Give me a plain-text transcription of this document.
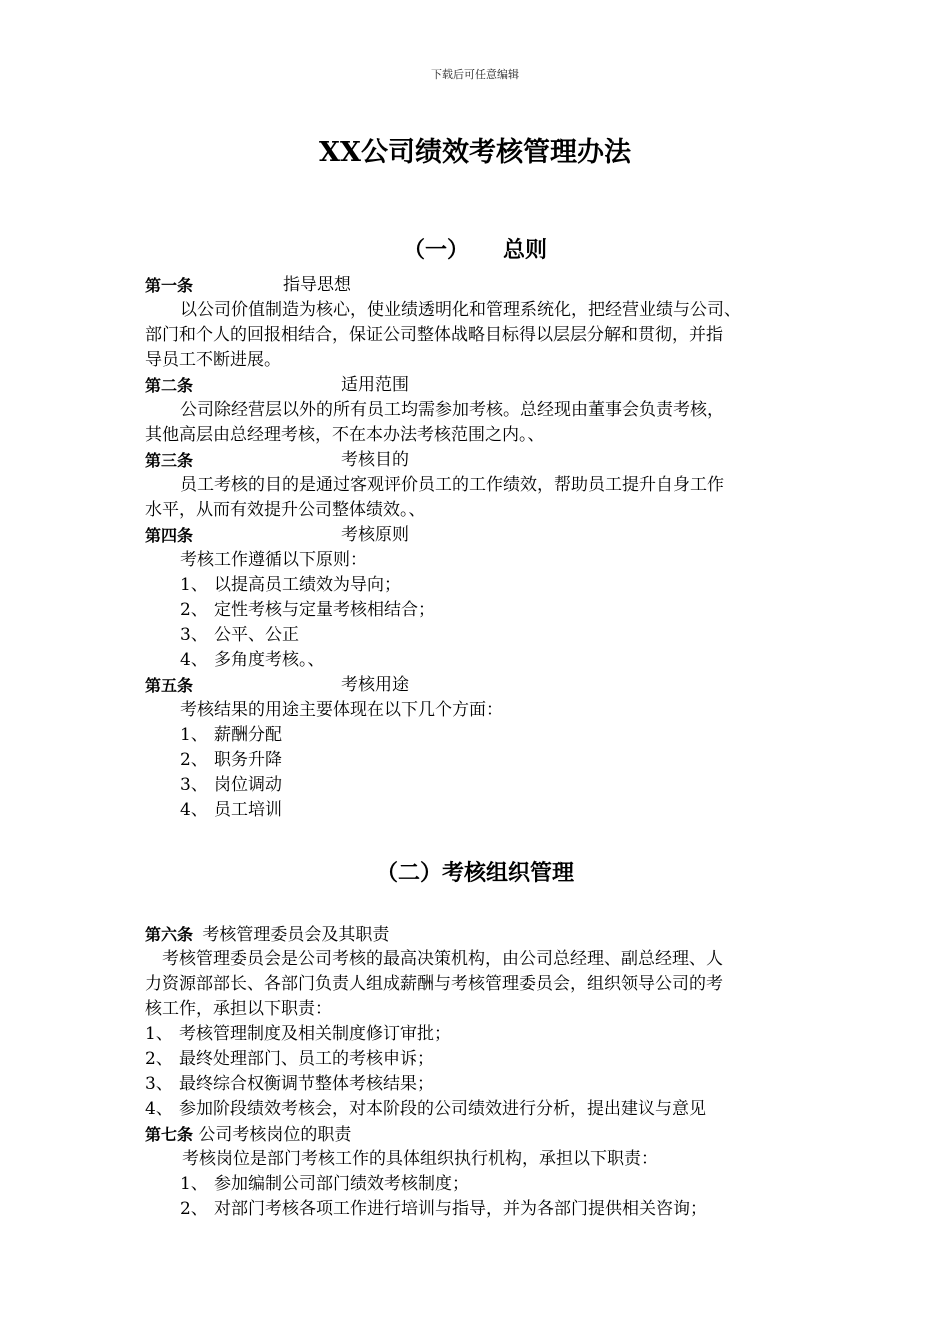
下载后可任意编辑
XX公司绩效考核管理办法
（一） 总则
第一条	指导思想
以公司价值制造为核心，使业绩透明化和管理系统化，把经营业绩与公司、
部门和个人的回报相结合，保证公司整体战略目标得以层层分解和贯彻，并指
导员工不断进展。
第二条	适用范围
公司除经营层以外的所有员工均需参加考核。总经现由董事会负责考核，
其他高层由总经理考核，不在本办法考核范围之内。、
第三条	考核目的
员工考核的目的是通过客观评价员工的工作绩效，帮助员工提升自身工作
水平，从而有效提升公司整体绩效。、
第四条	考核原则
考核工作遵循以下原则：
1、 以提高员工绩效为导向；
2、 定性考核与定量考核相结合；
3、 公平、公正
4、 多角度考核。、
第五条	考核用途
考核结果的用途主要体现在以下几个方面：
1、 薪酬分配
2、 职务升降
3、 岗位调动
4、 员工培训
（二）考核组织管理
第六条 考核管理委员会及其职责
考核管理委员会是公司考核的最高决策机构，由公司总经理、副总经理、人
力资源部部长、各部门负责人组成薪酬与考核管理委员会，组织领导公司的考
核工作，承担以下职责：
1、 考核管理制度及相关制度修订审批；
2、 最终处理部门、员工的考核申诉；
3、 最终综合权衡调节整体考核结果；
4、 参加阶段绩效考核会，对本阶段的公司绩效进行分析，提出建议与意见
第七条 公司考核岗位的职责
考核岗位是部门考核工作的具体组织执行机构，承担以下职责：
1、 参加编制公司部门绩效考核制度；
2、 对部门考核各项工作进行培训与指导，并为各部门提供相关咨询；
